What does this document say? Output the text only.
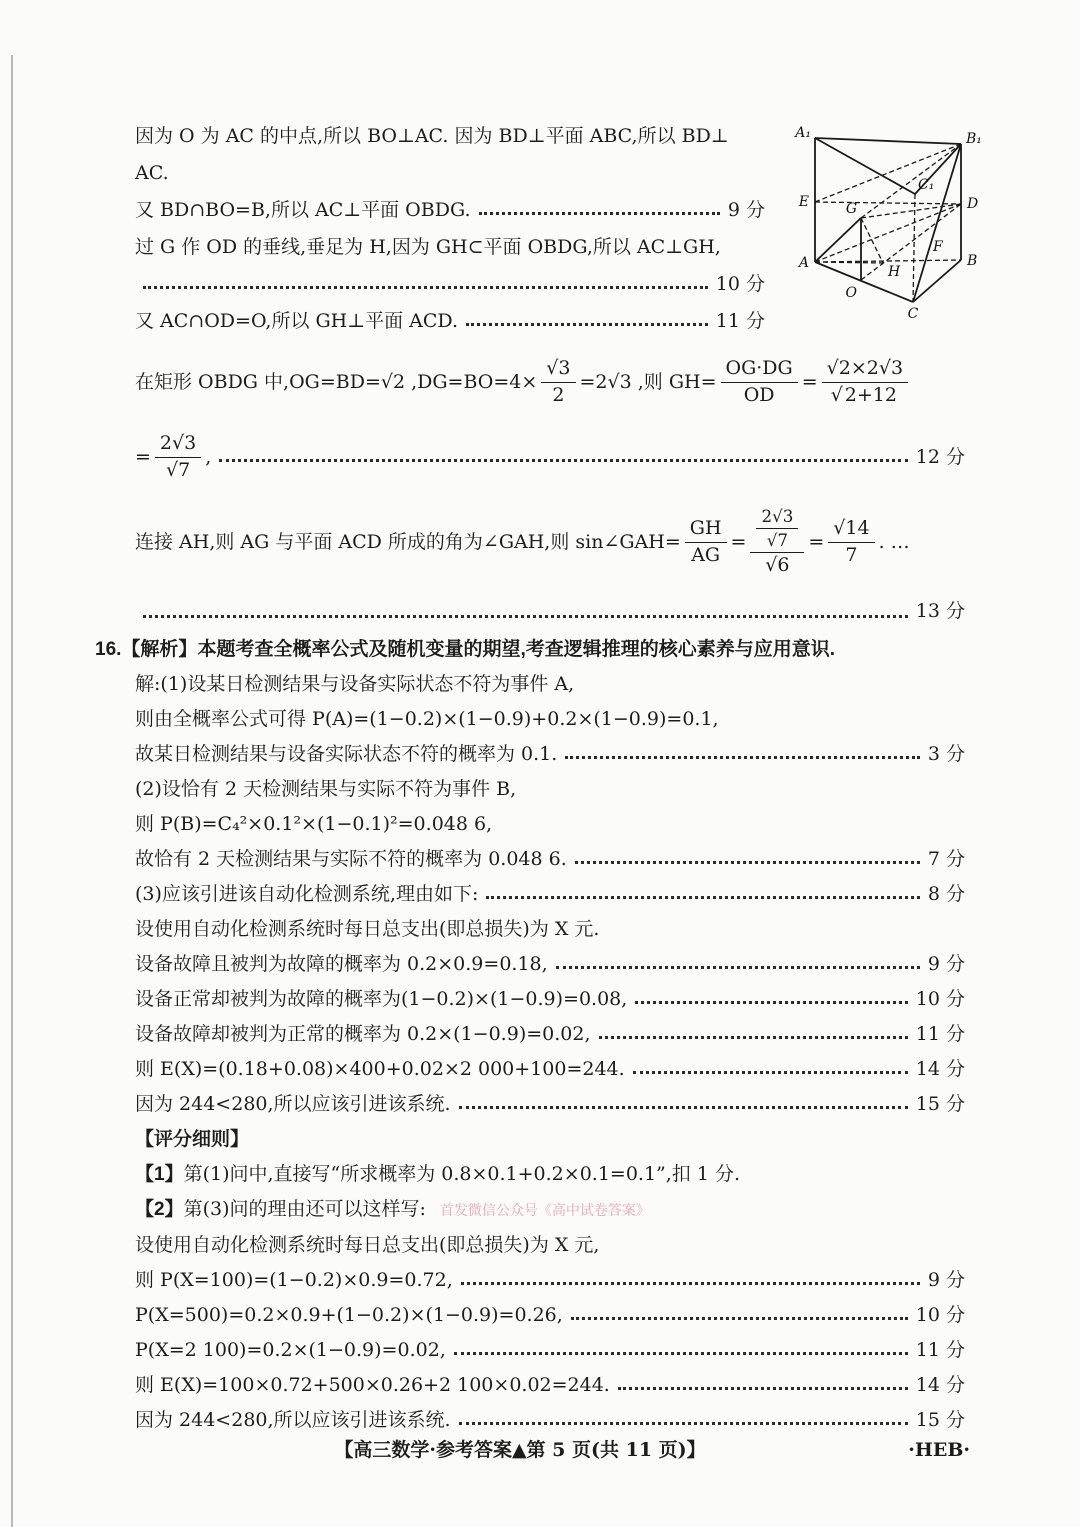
A₁	B₁
C₁
E	D
G
F
A	B
H
O
C
因为 O 为 AC 的中点,所以 BO⊥AC. 因为 BD⊥平面 ABC,所以 BD⊥
AC.
又 BD∩BO=B,所以 AC⊥平面 OBDG.	9 分
过 G 作 OD 的垂线,垂足为 H,因为 GH⊂平面 OBDG,所以 AC⊥GH,
10 分
又 AC∩OD=O,所以 GH⊥平面 ACD.	11 分
在矩形 OBDG 中,OG=BD=√2 $,DG=BO=4\times \frac{√3}{2} =2√3$ ,则 $GH= \frac{OG\cdot DG}{OD} = \frac{√2\times 2√3}{√ 2+12}$
= $\frac{2√3}{√7}$ ,	12 分
连接 AH,则 AG 与平面 ACD 所成的角为∠GAH,则 sin∠GAH= $\frac{GH}{AG} = \frac{\frac{2√3}{√7}}{√6} = \frac{√14}{7}$ . …
13 分
16. 【解析】 本题考查全概率公式及随机变量的期望,考查逻辑推理的核心素养与应用意识.
解:(1)设某日检测结果与设备实际状态不符为事件 A,
则由全概率公式可得 P(A)=(1−0.2)×(1−0.9)+0.2×(1−0.9)=0.1,
故某日检测结果与设备实际状态不符的概率为 0.1.	3 分
(2)设恰有 2 天检测结果与实际不符为事件 B,
则 P(B)=C₄²×0.1²×(1−0.1)²=0.048 6,
故恰有 2 天检测结果与实际不符的概率为 0.048 6.	7 分
(3)应该引进该自动化检测系统,理由如下:	8 分
设使用自动化检测系统时每日总支出(即总损失)为 X 元.
设备故障且被判为故障的概率为 0.2×0.9=0.18,	9 分
设备正常却被判为故障的概率为(1−0.2)×(1−0.9)=0.08,	10 分
设备故障却被判为正常的概率为 0.2×(1−0.9)=0.02,	11 分
则 E(X)=(0.18+0.08)×400+0.02×2 000+100=244.	14 分
因为 244<280,所以应该引进该系统.	15 分
【评分细则】
【1】 第(1)问中,直接写“所求概率为 0.8×0.1+0.2×0.1=0.1”,扣 1 分.
【2】 第(3)问的理由还可以这样写: 首发微信公众号《高中试卷答案》
设使用自动化检测系统时每日总支出(即总损失)为 X 元,
则 P(X=100)=(1−0.2)×0.9=0.72,	9 分
P(X=500)=0.2×0.9+(1−0.2)×(1−0.9)=0.26,	10 分
P(X=2 100)=0.2×(1−0.9)=0.02,	11 分
则 E(X)=100×0.72+500×0.26+2 100×0.02=244.	14 分
因为 244<280,所以应该引进该系统.	15 分
【高三数学·参考答案▲第 5 页(共 11 页)】	·HEB·
